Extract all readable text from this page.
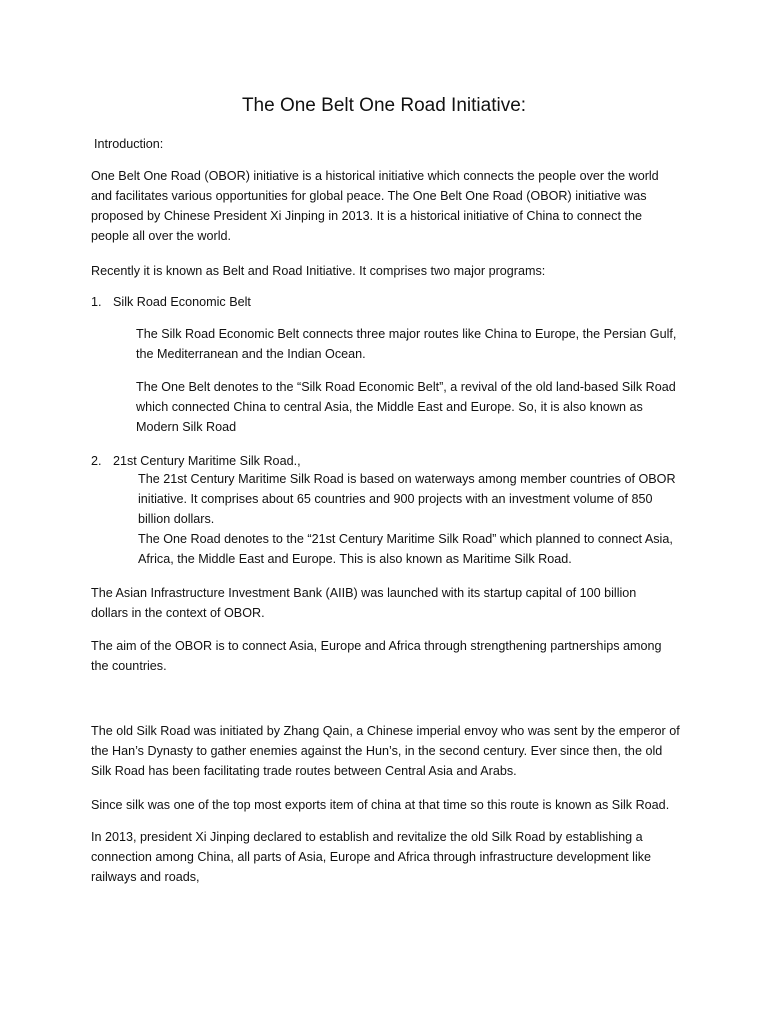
The One Belt One Road Initiative:

Introduction:

One Belt One Road (OBOR) initiative is a historical initiative which connects the people over the world
and facilitates various opportunities for global peace. The One Belt One Road (OBOR) initiative was
proposed by Chinese President Xi Jinping in 2013. It is a historical initiative of China to connect the
people all over the world.

Recently it is known as Belt and Road Initiative. It comprises two major programs:

1. Silk Road Economic Belt

The Silk Road Economic Belt connects three major routes like China to Europe, the Persian Gulf,
the Mediterranean and the Indian Ocean.

The One Belt denotes to the “Silk Road Economic Belt”, a revival of the old land-based Silk Road
which connected China to central Asia, the Middle East and Europe. So, it is also known as
Modern Silk Road

2. 21st Century Maritime Silk Road.,

The 21st Century Maritime Silk Road is based on waterways among member countries of OBOR
initiative. It comprises about 65 countries and 900 projects with an investment volume of 850
billion dollars.
The One Road denotes to the “21st Century Maritime Silk Road” which planned to connect Asia,
Africa, the Middle East and Europe. This is also known as Maritime Silk Road.

The Asian Infrastructure Investment Bank (AIIB) was launched with its startup capital of 100 billion
dollars in the context of OBOR.

The aim of the OBOR is to connect Asia, Europe and Africa through strengthening partnerships among
the countries.

The old Silk Road was initiated by Zhang Qain, a Chinese imperial envoy who was sent by the emperor of
the Han’s Dynasty to gather enemies against the Hun’s, in the second century. Ever since then, the old
Silk Road has been facilitating trade routes between Central Asia and Arabs.

Since silk was one of the top most exports item of china at that time so this route is known as Silk Road.

In 2013, president Xi Jinping declared to establish and revitalize the old Silk Road by establishing a
connection among China, all parts of Asia, Europe and Africa through infrastructure development like
railways and roads,
